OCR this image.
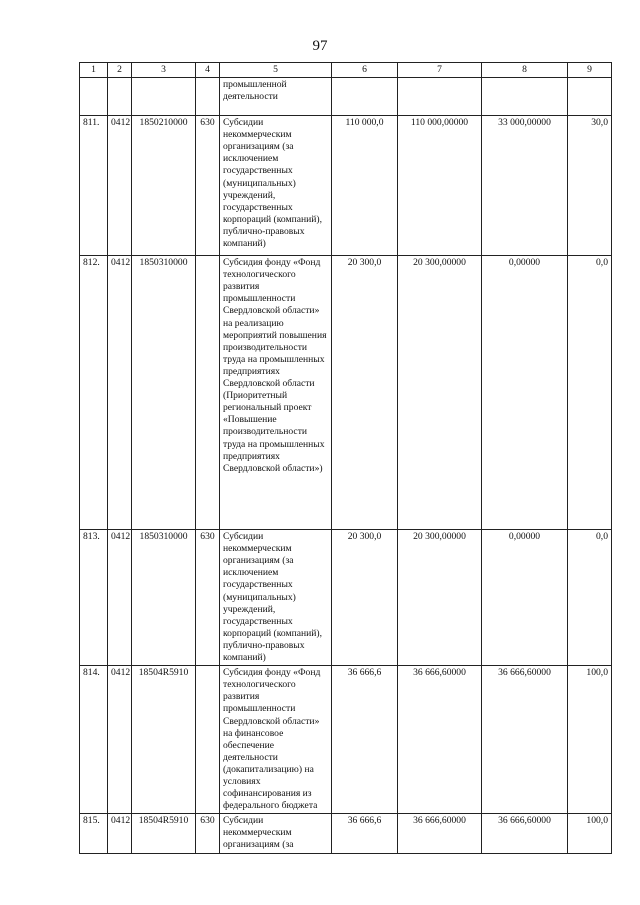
97
1	2	3	4	5	6	7	8	9
				промышленной деятельности				
811.	0412	1850210000	630	Субсидии некоммерческим организациям (за исключением государственных (муниципальных) учреждений, государственных корпораций (компаний), публично-правовых компаний)	110 000,0	110 000,00000	33 000,00000	30,0
812.	0412	1850310000		Субсидия фонду «Фонд технологического развития промышленности Свердловской области» на реализацию мероприятий повышения производительности труда на промышленных предприятиях Свердловской области (Приоритетный региональный проект «Повышение производительности труда на промышленных предприятиях Свердловской области»)	20 300,0	20 300,00000	0,00000	0,0
813.	0412	1850310000	630	Субсидии некоммерческим организациям (за исключением государственных (муниципальных) учреждений, государственных корпораций (компаний), публично-правовых компаний)	20 300,0	20 300,00000	0,00000	0,0
814.	0412	18504R5910		Субсидия фонду «Фонд технологического развития промышленности Свердловской области» на финансовое обеспечение деятельности (докапитализацию) на условиях софинансирования из федерального бюджета	36 666,6	36 666,60000	36 666,60000	100,0
815.	0412	18504R5910	630	Субсидии некоммерческим организациям (за	36 666,6	36 666,60000	36 666,60000	100,0
